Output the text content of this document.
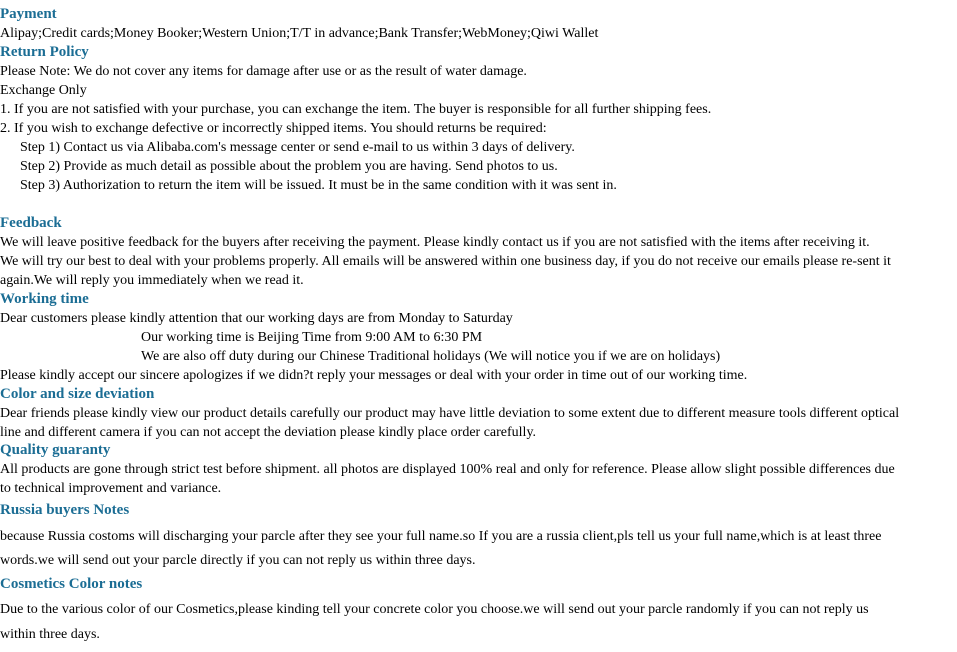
Payment
Alipay;Credit cards;Money Booker;Western Union;T/T in advance;Bank Transfer;WebMoney;Qiwi Wallet
Return Policy
Please Note: We do not cover any items for damage after use or as the result of water damage.
Exchange Only
1. If you are not satisfied with your purchase, you can exchange the item. The buyer is responsible for all further shipping fees.
2. If you wish to exchange defective or incorrectly shipped items. You should returns be required:
Step 1) Contact us via Alibaba.com's message center or send e-mail to us within 3 days of delivery.
Step 2) Provide as much detail as possible about the problem you are having. Send photos to us.
Step 3) Authorization to return the item will be issued. It must be in the same condition with it was sent in.
Feedback
We will leave positive feedback for the buyers after receiving the payment. Please kindly contact us if you are not satisfied with the items after receiving it.
We will try our best to deal with your problems properly. All emails will be answered within one business day, if you do not receive our emails please re-sent it
again.We will reply you immediately when we read it.
Working time
Dear customers please kindly attention that our working days are from Monday to Saturday
Our working time is Beijing Time from 9:00 AM to 6:30 PM
We are also off duty during our Chinese Traditional holidays (We will notice you if we are on holidays)
Please kindly accept our sincere apologizes if we didn?t reply your messages or deal with your order in time out of our working time.
Color and size deviation
Dear friends please kindly view our product details carefully our product may have little deviation to some extent due to different measure tools different optical
line and different camera if you can not accept the deviation please kindly place order carefully.
Quality guaranty
All products are gone through strict test before shipment. all photos are displayed 100% real and only for reference. Please allow slight possible differences due
to technical improvement and variance.
Russia buyers Notes
because Russia costoms will discharging your parcle after they see your full name.so If you are a russia client,pls tell us your full name,which is at least three
words.we will send out your parcle directly if you can not reply us within three days.
Cosmetics Color notes
Due to the various color of our Cosmetics,please kinding tell your concrete color you choose.we will send out your parcle randomly if you can not reply us
within three days.
